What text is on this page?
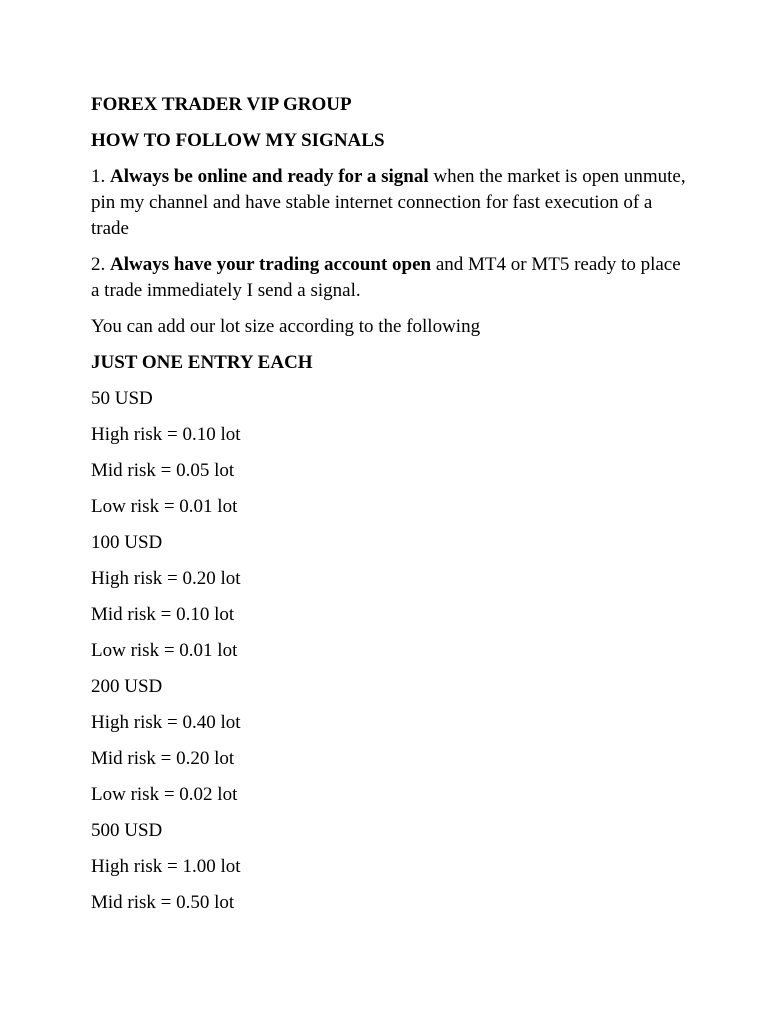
FOREX TRADER VIP GROUP

HOW TO FOLLOW MY SIGNALS

1. Always be online and ready for a signal when the market is open unmute, pin my channel and have stable internet connection for fast execution of a trade

2. Always have your trading account open and MT4 or MT5 ready to place a trade immediately I send a signal.

You can add our lot size according to the following

JUST ONE ENTRY EACH

50 USD

High risk = 0.10 lot

Mid risk = 0.05 lot

Low risk = 0.01 lot

100 USD

High risk = 0.20 lot

Mid risk = 0.10 lot

Low risk = 0.01 lot

200 USD

High risk = 0.40 lot

Mid risk = 0.20 lot

Low risk = 0.02 lot

500 USD

High risk = 1.00 lot

Mid risk = 0.50 lot
